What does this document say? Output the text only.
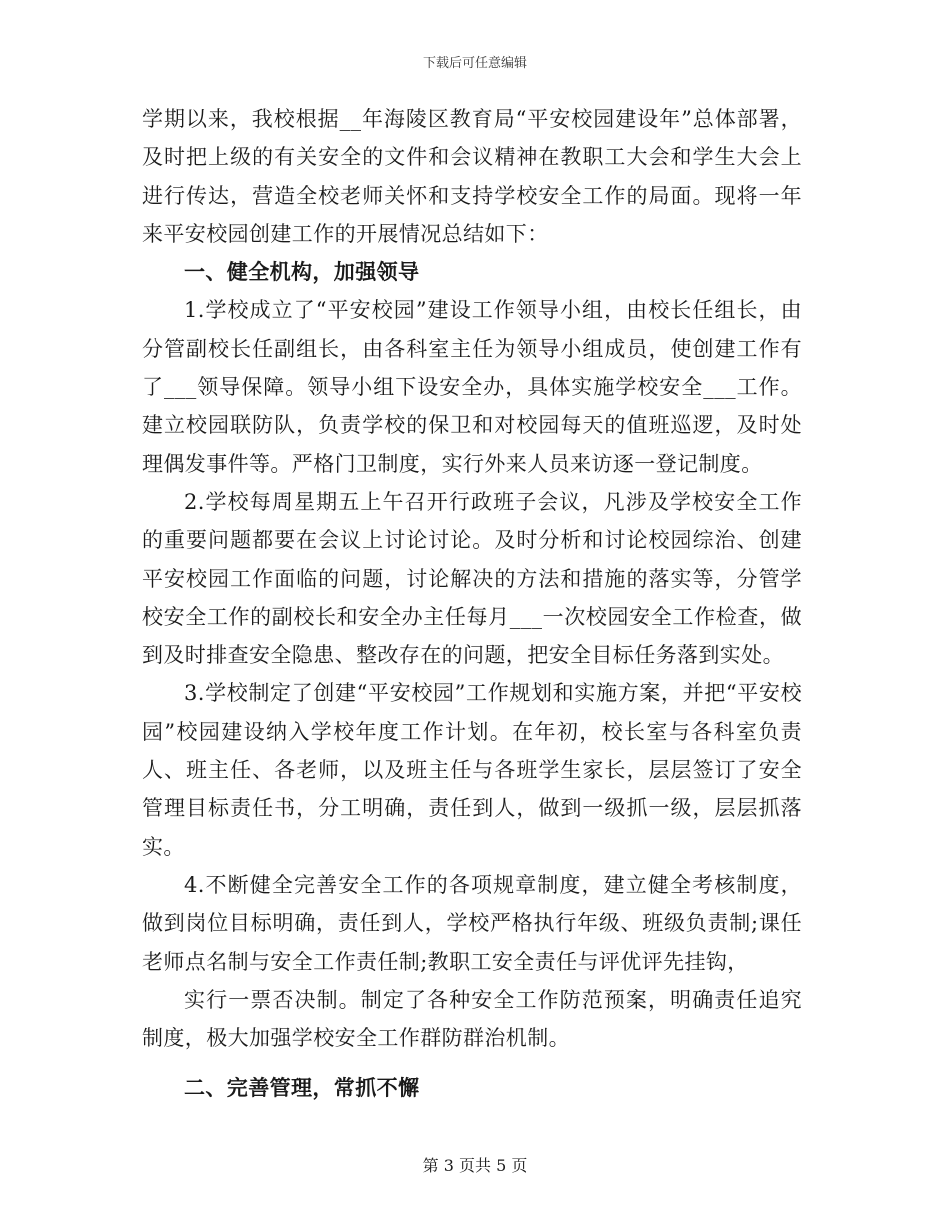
下载后可任意编辑

学期以来，我校根据__年海陵区教育局“平安校园建设年”总体部署，及时把上级的有关安全的文件和会议精神在教职工大会和学生大会上进行传达，营造全校老师关怀和支持学校安全工作的局面。现将一年来平安校园创建工作的开展情况总结如下：

一、健全机构，加强领导

1.学校成立了“平安校园”建设工作领导小组，由校长任组长，由分管副校长任副组长，由各科室主任为领导小组成员，使创建工作有了___领导保障。领导小组下设安全办，具体实施学校安全___工作。建立校园联防队，负责学校的保卫和对校园每天的值班巡逻，及时处理偶发事件等。严格门卫制度，实行外来人员来访逐一登记制度。

2.学校每周星期五上午召开行政班子会议，凡涉及学校安全工作的重要问题都要在会议上讨论讨论。及时分析和讨论校园综治、创建平安校园工作面临的问题，讨论解决的方法和措施的落实等，分管学校安全工作的副校长和安全办主任每月___一次校园安全工作检查，做到及时排查安全隐患、整改存在的问题，把安全目标任务落到实处。

3.学校制定了创建“平安校园”工作规划和实施方案，并把“平安校园”校园建设纳入学校年度工作计划。在年初，校长室与各科室负责人、班主任、各老师，以及班主任与各班学生家长，层层签订了安全管理目标责任书，分工明确，责任到人，做到一级抓一级，层层抓落实。

4.不断健全完善安全工作的各项规章制度，建立健全考核制度，做到岗位目标明确，责任到人，学校严格执行年级、班级负责制;课任老师点名制与安全工作责任制;教职工安全责任与评优评先挂钩，

实行一票否决制。制定了各种安全工作防范预案，明确责任追究制度，极大加强学校安全工作群防群治机制。

二、完善管理，常抓不懈

第 3 页共 5 页
